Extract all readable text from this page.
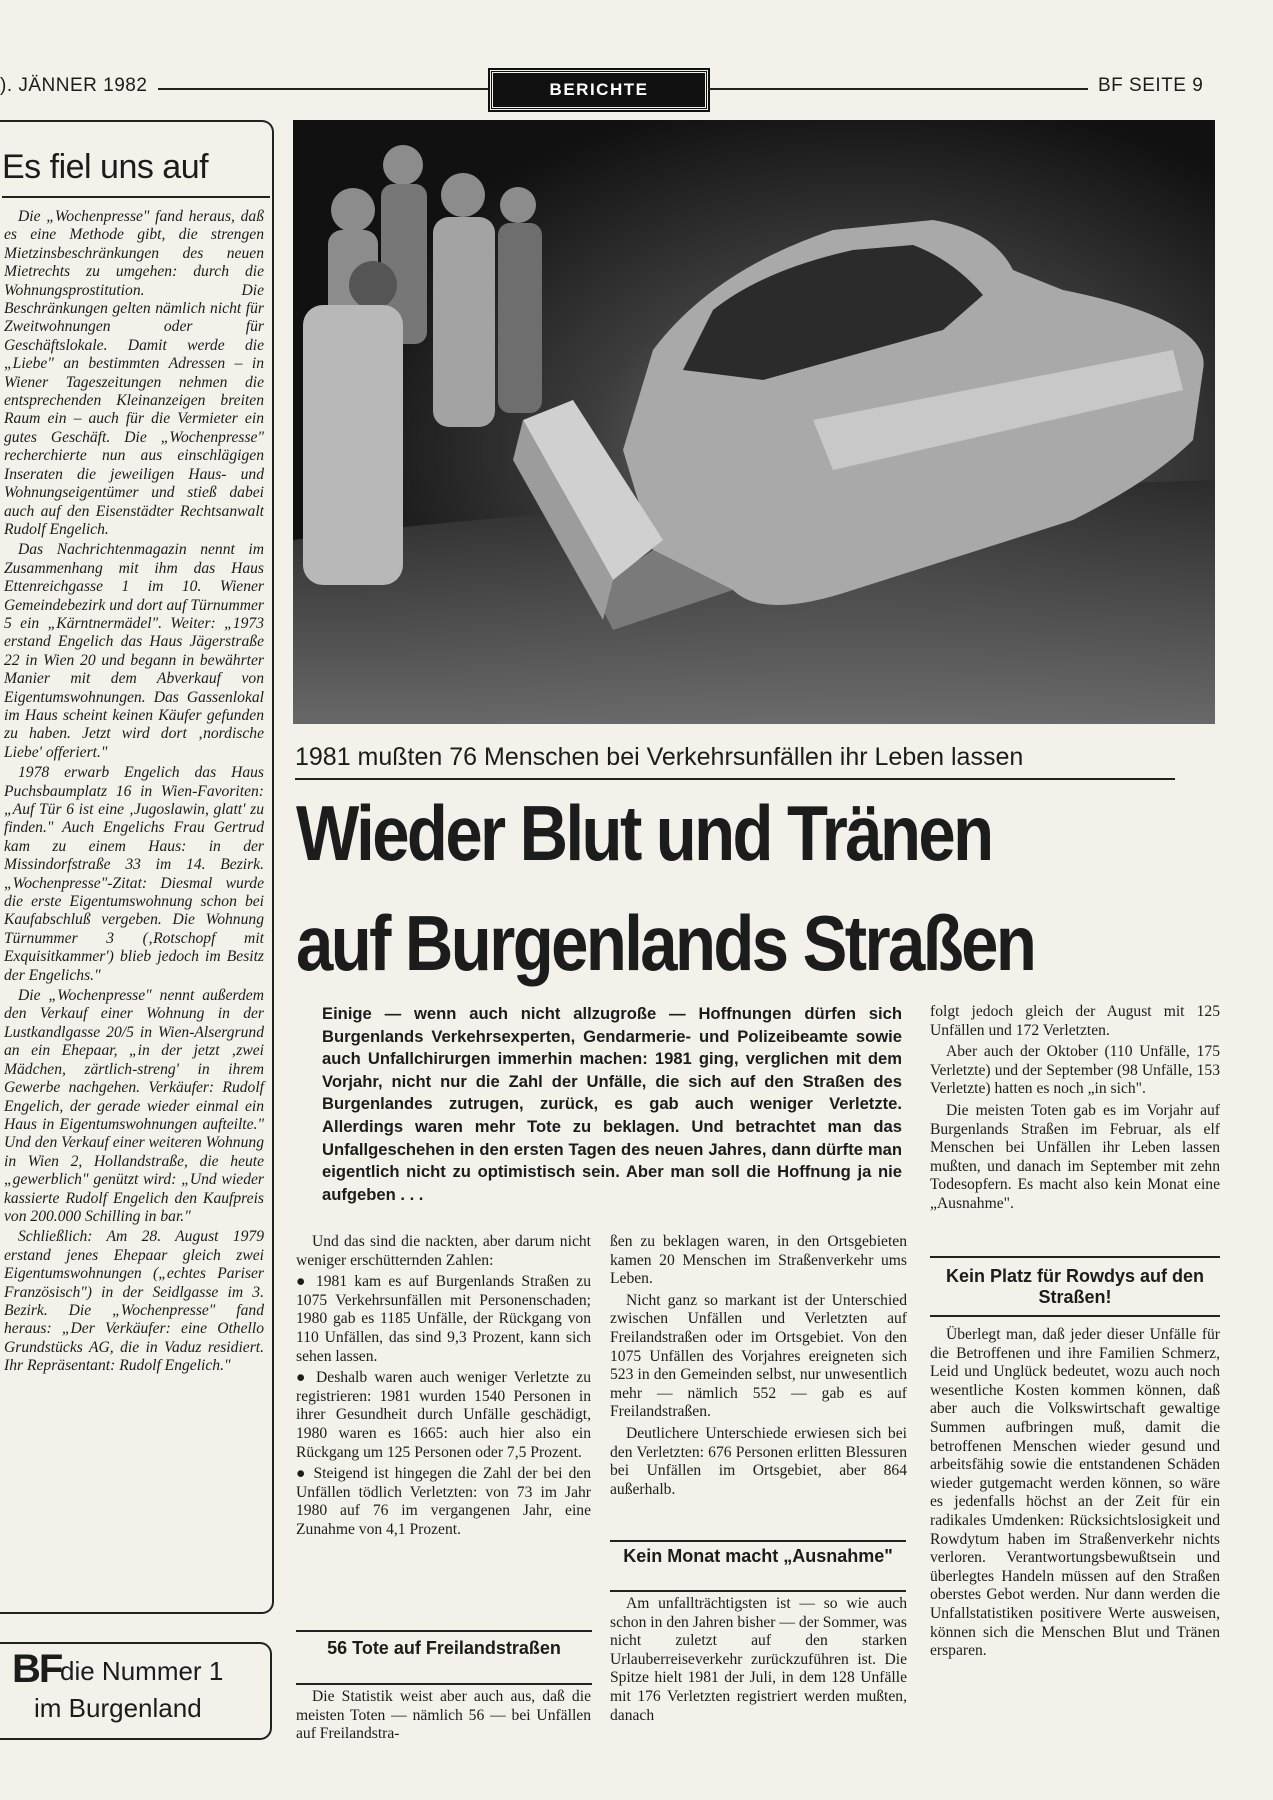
). JÄNNER 1982	BERICHTE	BF SEITE 9
Es fiel uns auf

Die „Wochenpresse" fand heraus, daß es eine Methode gibt, die strengen Mietzinsbeschränkungen des neuen Mietrechts zu umgehen: durch die Wohnungsprostitution. Die Beschränkungen gelten nämlich nicht für Zweitwohnungen oder für Geschäftslokale. Damit werde die „Liebe" an bestimmten Adressen – in Wiener Tageszeitungen nehmen die entsprechenden Kleinanzeigen breiten Raum ein – auch für die Vermieter ein gutes Geschäft. Die „Wochenpresse" recherchierte nun aus einschlägigen Inseraten die jeweiligen Haus- und Wohnungseigentümer und stieß dabei auch auf den Eisenstädter Rechtsanwalt Rudolf Engelich.

Das Nachrichtenmagazin nennt im Zusammenhang mit ihm das Haus Ettenreichgasse 1 im 10. Wiener Gemeindebezirk und dort auf Türnummer 5 ein „Kärntnermädel". Weiter: „1973 erstand Engelich das Haus Jägerstraße 22 in Wien 20 und begann in bewährter Manier mit dem Abverkauf von Eigentumswohnungen. Das Gassenlokal im Haus scheint keinen Käufer gefunden zu haben. Jetzt wird dort ‚nordische Liebe' offeriert."

1978 erwarb Engelich das Haus Puchsbaumplatz 16 in Wien-Favoriten: „Auf Tür 6 ist eine ‚Jugoslawin, glatt' zu finden." Auch Engelichs Frau Gertrud kam zu einem Haus: in der Missindorfstraße 33 im 14. Bezirk. „Wochenpresse"-Zitat: Diesmal wurde die erste Eigentumswohnung schon bei Kaufabschluß vergeben. Die Wohnung Türnummer 3 (‚Rotschopf mit Exquisitkammer') blieb jedoch im Besitz der Engelichs."

Die „Wochenpresse" nennt außerdem den Verkauf einer Wohnung in der Lustkandlgasse 20/5 in Wien-Alsergrund an ein Ehepaar, „in der jetzt ‚zwei Mädchen, zärtlich-streng' in ihrem Gewerbe nachgehen. Verkäufer: Rudolf Engelich, der gerade wieder einmal ein Haus in Eigentumswohnungen aufteilte." Und den Verkauf einer weiteren Wohnung in Wien 2, Hollandstraße, die heute „gewerblich" genützt wird: „Und wieder kassierte Rudolf Engelich den Kaufpreis von 200.000 Schilling in bar."

Schließlich: Am 28. August 1979 erstand jenes Ehepaar gleich zwei Eigentumswohnungen („echtes Pariser Französisch") in der Seidlgasse im 3. Bezirk. Die „Wochenpresse" fand heraus: „Der Verkäufer: eine Othello Grundstücks AG, die in Vaduz residiert. Ihr Repräsentant: Rudolf Engelich."

BF
die Nummer 1
im Burgenland
1981 mußten 76 Menschen bei Verkehrsunfällen ihr Leben lassen
Wieder Blut und Tränen
auf Burgenlands Straßen
Einige — wenn auch nicht allzugroße — Hoffnungen dürfen sich Burgenlands Verkehrsexperten, Gendarmerie- und Polizeibeamte sowie auch Unfallchirurgen immerhin machen: 1981 ging, verglichen mit dem Vorjahr, nicht nur die Zahl der Unfälle, die sich auf den Straßen des Burgenlandes zutrugen, zurück, es gab auch weniger Verletzte. Allerdings waren mehr Tote zu beklagen. Und betrachtet man das Unfallgeschehen in den ersten Tagen des neuen Jahres, dann dürfte man eigentlich nicht zu optimistisch sein. Aber man soll die Hoffnung ja nie aufgeben . . .

Und das sind die nackten, aber darum nicht weniger erschütternden Zahlen:

● 1981 kam es auf Burgenlands Straßen zu 1075 Verkehrsunfällen mit Personenschaden; 1980 gab es 1185 Unfälle, der Rückgang von 110 Unfällen, das sind 9,3 Prozent, kann sich sehen lassen.

● Deshalb waren auch weniger Verletzte zu registrieren: 1981 wurden 1540 Personen in ihrer Gesundheit durch Unfälle geschädigt, 1980 waren es 1665: auch hier also ein Rückgang um 125 Personen oder 7,5 Prozent.

● Steigend ist hingegen die Zahl der bei den Unfällen tödlich Verletzten: von 73 im Jahr 1980 auf 76 im vergangenen Jahr, eine Zunahme von 4,1 Prozent.

56 Tote auf Freilandstraßen

Die Statistik weist aber auch aus, daß die meisten Toten — nämlich 56 — bei Unfällen auf Freilandstra-

ßen zu beklagen waren, in den Ortsgebieten kamen 20 Menschen im Straßenverkehr ums Leben.

Nicht ganz so markant ist der Unterschied zwischen Unfällen und Verletzten auf Freilandstraßen oder im Ortsgebiet. Von den 1075 Unfällen des Vorjahres ereigneten sich 523 in den Gemeinden selbst, nur unwesentlich mehr — nämlich 552 — gab es auf Freilandstraßen.

Deutlichere Unterschiede erwiesen sich bei den Verletzten: 676 Personen erlitten Blessuren bei Unfällen im Ortsgebiet, aber 864 außerhalb.

Kein Monat macht „Ausnahme"

Am unfallträchtigsten ist — so wie auch schon in den Jahren bisher — der Sommer, was nicht zuletzt auf den starken Urlauberreiseverkehr zurückzuführen ist. Die Spitze hielt 1981 der Juli, in dem 128 Unfälle mit 176 Verletzten registriert werden mußten, danach

folgt jedoch gleich der August mit 125 Unfällen und 172 Verletzten.

Aber auch der Oktober (110 Unfälle, 175 Verletzte) und der September (98 Unfälle, 153 Verletzte) hatten es noch „in sich".

Die meisten Toten gab es im Vorjahr auf Burgenlands Straßen im Februar, als elf Menschen bei Unfällen ihr Leben lassen mußten, und danach im September mit zehn Todesopfern. Es macht also kein Monat eine „Ausnahme".

Kein Platz für Rowdys auf den Straßen!

Überlegt man, daß jeder dieser Unfälle für die Betroffenen und ihre Familien Schmerz, Leid und Unglück bedeutet, wozu auch noch wesentliche Kosten kommen können, daß aber auch die Volkswirtschaft gewaltige Summen aufbringen muß, damit die betroffenen Menschen wieder gesund und arbeitsfähig sowie die entstandenen Schäden wieder gutgemacht werden können, so wäre es jedenfalls höchst an der Zeit für ein radikales Umdenken: Rücksichtslosigkeit und Rowdytum haben im Straßenverkehr nichts verloren. Verantwortungsbewußtsein und überlegtes Handeln müssen auf den Straßen oberstes Gebot werden. Nur dann werden die Unfallstatistiken positivere Werte ausweisen, können sich die Menschen Blut und Tränen ersparen.
